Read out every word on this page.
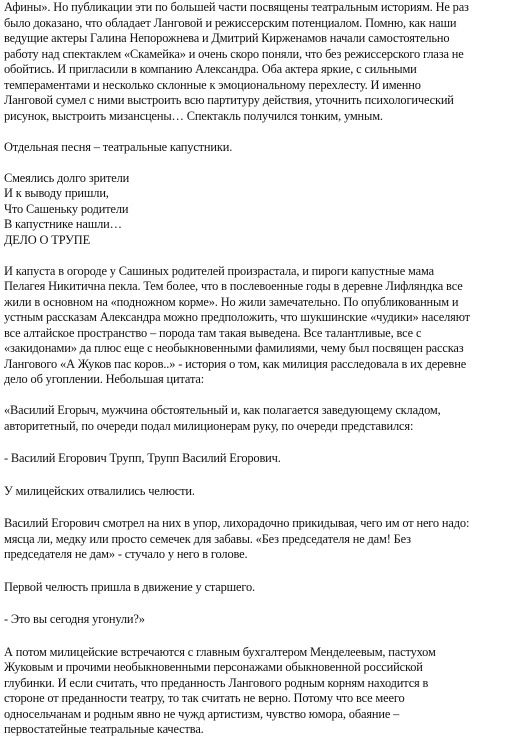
Афины». Но публикации эти по большей части посвящены театральным историям. Не раз
было доказано, что обладает Ланговой и режиссерским потенциалом. Помню, как наши
ведущие актеры Галина Непорожнева и Дмитрий Кирженамов начали самостоятельно
работу над спектаклем «Скамейка» и очень скоро поняли, что без режиссерского глаза не
обойтись. И пригласили в компанию Александра. Оба актера яркие, с сильными
темпераментами и несколько склонные к эмоциональному перехлесту. И именно
Ланговой сумел с ними выстроить всю партитуру действия, уточнить психологический
рисунок, выстроить мизансцены… Спектакль получился тонким, умным.

Отдельная песня – театральные капустники.

Смеялись долго зрители
И к выводу пришли,
Что Сашеньку родители
В капустнике нашли…
ДЕЛО О ТРУПЕ

И капуста в огороде у Сашиных родителей произрастала, и пироги капустные мама
Пелагея Никитична пекла. Тем более, что в послевоенные годы в деревне Лифляндка все
жили в основном на «подножном корме». Но жили замечательно. По опубликованным и
устным рассказам Александра можно предположить, что шукшинские «чудики» населяют
все алтайское пространство – порода там такая выведена. Все талантливые, все с
«закидонами» да плюс еще с необыкновенными фамилиями, чему был посвящен рассказ
Лангового «А Жуков пас коров..» - история о том, как милиция расследовала в их деревне
дело об угоплении. Небольшая цитата:

«Василий Егорыч, мужчина обстоятельный и, как полагается заведующему складом,
авторитетный, по очереди подал милиционерам руку, по очереди представился:

- Василий Егорович Трупп, Трупп Василий Егорович.

У милицейских отвалились челюсти.

Василий Егорович смотрел на них в упор, лихорадочно прикидывая, чего им от него надо:
мясца ли, медку или просто семечек для забавы. «Без председателя не дам! Без
председателя не дам» - стучало у него в голове.

Первой челюсть пришла в движение у старшего.

- Это вы сегодня угонули?»

А потом милицейские встречаются с главным бухгалтером Менделеевым, пастухом
Жуковым и прочими необыкновенными персонажами обыкновенной российской
глубинки. И если считать, что преданность Лангового родным корням находится в
стороне от преданности театру, то так считать не верно. Потому что все меего
односельчанам и родным явно не чужд артистизм, чувство юмора, обаяние –
первостатейные театральные качества.
